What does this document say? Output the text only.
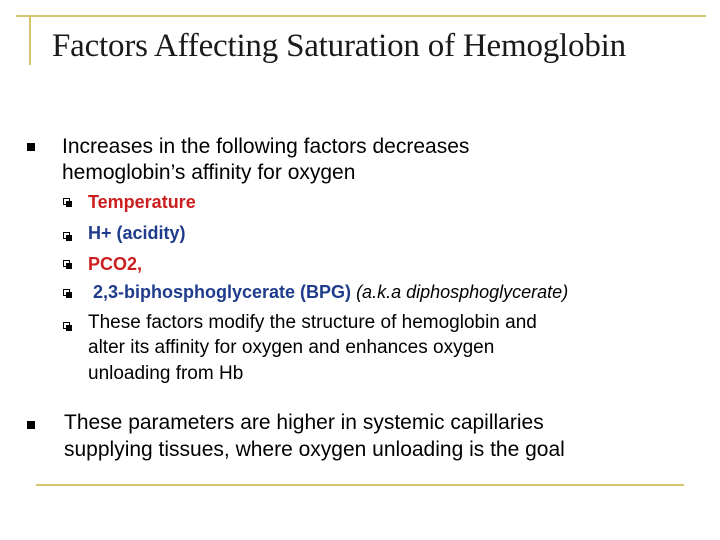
Factors Affecting Saturation of Hemoglobin
Increases in the following factors decreases
hemoglobin’s affinity for oxygen
Temperature
H+ (acidity)
PCO2,
2,3-biphosphoglycerate (BPG) (a.k.a diphosphoglycerate)
These factors modify the structure of hemoglobin and
alter its affinity for oxygen and enhances oxygen
unloading from Hb
These parameters are higher in systemic capillaries
supplying tissues, where oxygen unloading is the goal
